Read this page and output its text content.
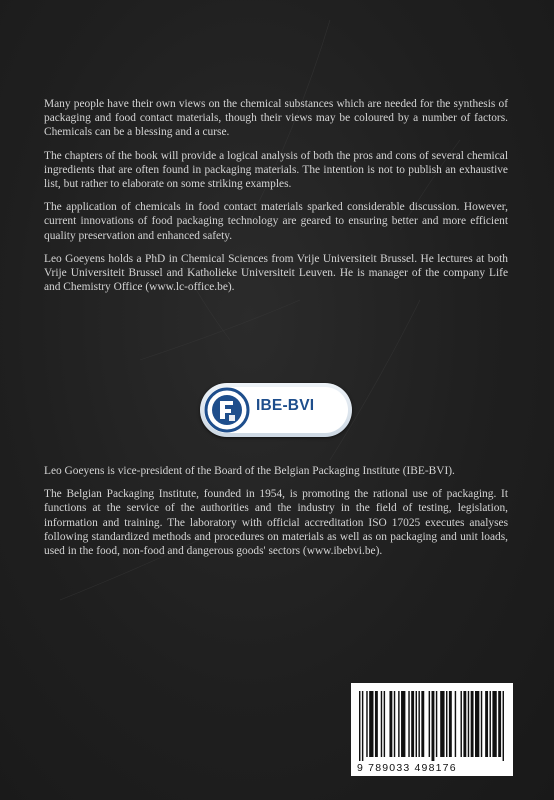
Many people have their own views on the chemical substances which are needed for the synthesis of packaging and food contact materials, though their views may be coloured by a number of factors. Chemicals can be a blessing and a curse.

The chapters of the book will provide a logical analysis of both the pros and cons of several chemical ingredients that are often found in packaging materials. The intention is not to publish an exhaustive list, but rather to elaborate on some striking examples.

The application of chemicals in food contact materials sparked considerable discussion. However, current innovations of food packaging technology are geared to ensuring better and more efficient quality preservation and enhanced safety.

Leo Goeyens holds a PhD in Chemical Sciences from Vrije Universiteit Brussel. He lectures at both Vrije Universiteit Brussel and Katholieke Universiteit Leuven. He is manager of the company Life and Chemistry Office (www.lc-office.be).

IBE-BVI

Leo Goeyens is vice-president of the Board of the Belgian Packaging Institute (IBE-BVI).

The Belgian Packaging Institute, founded in 1954, is promoting the rational use of packaging. It functions at the service of the authorities and the industry in the field of testing, legislation, information and training. The laboratory with official accreditation ISO 17025 executes analyses following standardized methods and procedures on materials as well as on packaging and unit loads, used in the food, non-food and dangerous goods' sectors (www.ibebvi.be).

9 789033 498176
